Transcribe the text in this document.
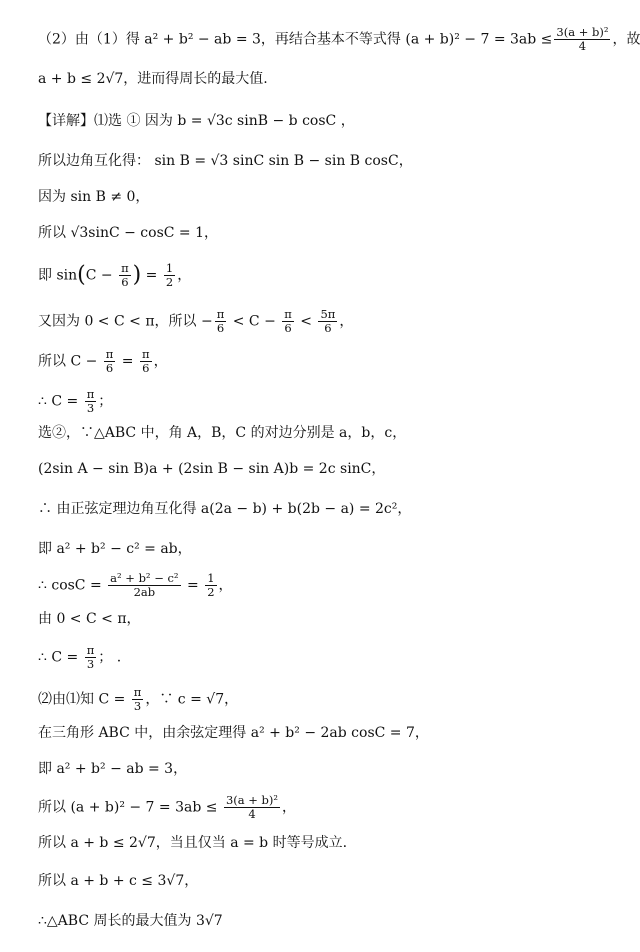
（2）由（1）得 a² + b² − ab = 3，再结合基本不等式得 $(a + b)^2 - 7 = 3ab \le \frac{\text{3(a + b)²}}{4}$ ，故
a + b ≤ 2√7，进而得周长的最大值.
【详解】⑴选 ① 因为 b = √3c sinB − b cosC ，
所以边角互化得： sin B = √3 sinC sin B − sin B cosC，
因为 sin B ≠ 0，
所以 √3sinC − cosC = 1，
即 $\sin(C - \frac{\pi}{6}$ ) = $\frac{1}{2}$ ，
又因为 0 < C < π，所以 − $\frac{\pi}{6} < C - \frac{\pi}{6} < \frac{5\pi}{6}$ ，
所以 $C - \frac{\pi}{6} = \frac{\pi}{6}$ ，
∴ $C = \frac{\pi}{3}$ ；
选②，∵△ABC 中，角 A，B，C 的对边分别是 a，b，c，
(2sin A − sin B)a + (2sin B − sin A)b = 2c sinC，
∴ 由正弦定理边角互化得 a(2a − b) + b(2b − a) = 2c²，
即 a² + b² − c² = ab，
∴ $\cos C = \frac{\text{a² + b² − c²}}{2ab} = \frac{1}{2}$ ，
由 0 < C < π，
∴ $C = \frac{\pi}{3}$ ； .
⑵由⑴知 $C = \frac{\pi}{3}$ ，∵ c = √7，
在三角形 ABC 中，由余弦定理得 a² + b² − 2ab cosC = 7，
即 a² + b² − ab = 3，
所以 $(a + b)^2 - 7 = 3ab \le \frac{\text{3(a + b)²}}{4}$ ，
所以 a + b ≤ 2√7，当且仅当 a = b 时等号成立.
所以 a + b + c ≤ 3√7，
∴△ABC 周长的最大值为 3√7
